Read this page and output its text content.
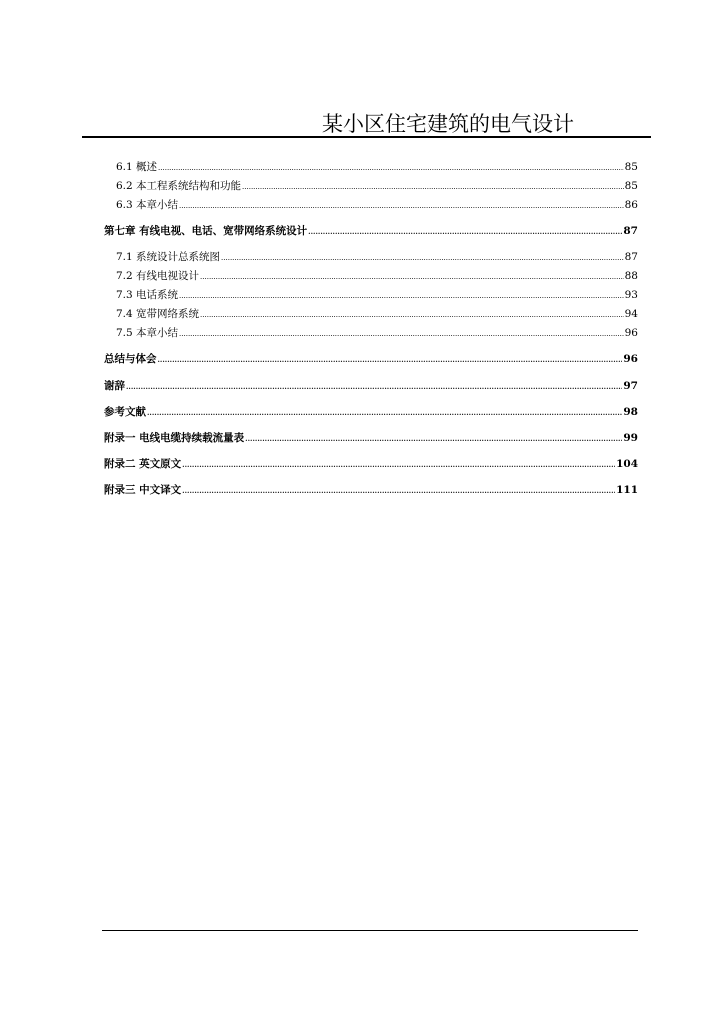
某小区住宅建筑的电气设计
6.1 概述 .....	85
6.2 本工程系统结构和功能 .....	85
6.3 本章小结 .....	86
第七章 有线电视、电话、宽带网络系统设计 .....	87
7.1 系统设计总系统图 .....	87
7.2 有线电视设计 .....	88
7.3 电话系统 .....	93
7.4 宽带网络系统 .....	94
7.5 本章小结 .....	96
总结与体会 .....	96
谢辞 .....	97
参考文献 .....	98
附录一 电线电缆持续载流量表 .....	99
附录二 英文原文 .....	104
附录三 中文译文 .....	111
